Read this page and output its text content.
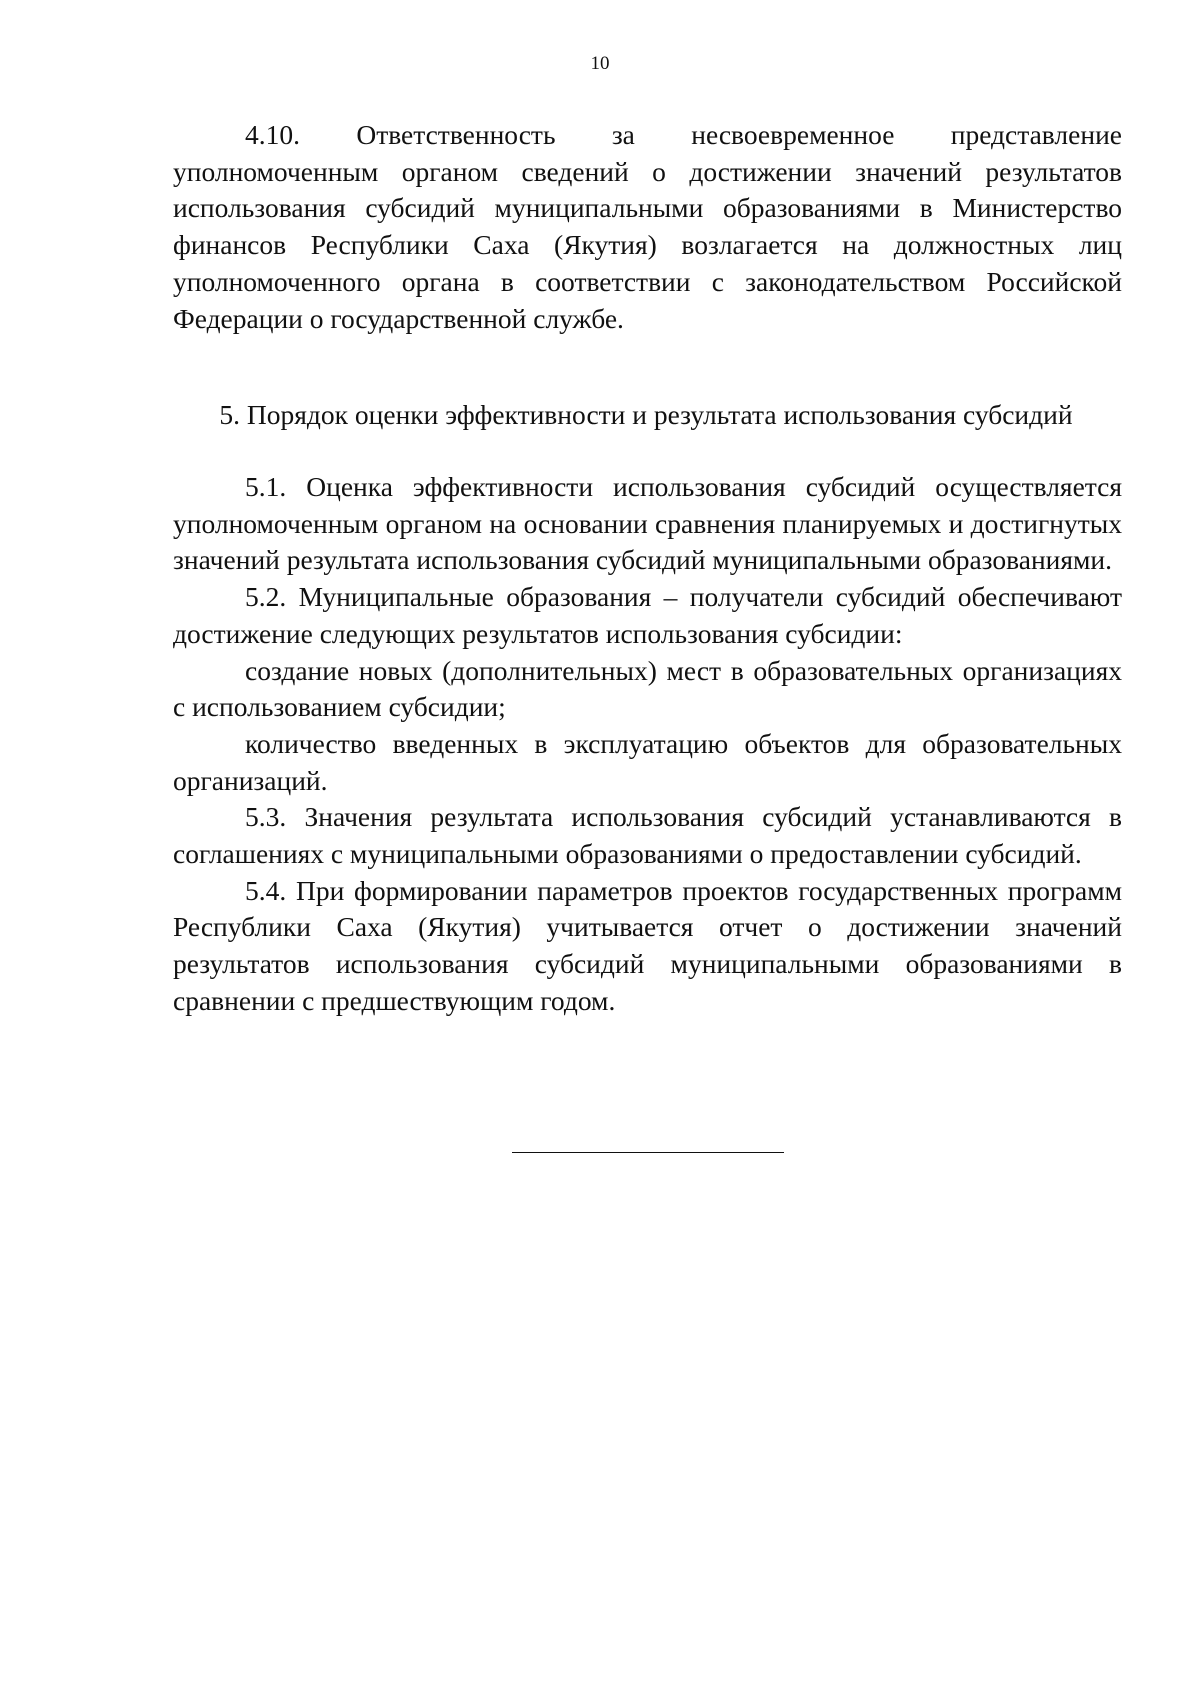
10

4.10. Ответственность за несвоевременное представление уполномоченным органом сведений о достижении значений результатов использования субсидий муниципальными образованиями в Министерство финансов Республики Саха (Якутия) возлагается на должностных лиц уполномоченного органа в соответствии с законодательством Российской Федерации о государственной службе.

5. Порядок оценки эффективности и результата использования субсидий

5.1. Оценка эффективности использования субсидий осуществляется уполномоченным органом на основании сравнения планируемых и достигнутых значений результата использования субсидий муниципальными образованиями.

5.2. Муниципальные образования – получатели субсидий обеспечивают достижение следующих результатов использования субсидии:

создание новых (дополнительных) мест в образовательных организациях с использованием субсидии;

количество введенных в эксплуатацию объектов для образовательных организаций.

5.3. Значения результата использования субсидий устанавливаются в соглашениях с муниципальными образованиями о предоставлении субсидий.

5.4. При формировании параметров проектов государственных программ Республики Саха (Якутия) учитывается отчет о достижении значений результатов использования субсидий муниципальными образованиями в сравнении с предшествующим годом.
